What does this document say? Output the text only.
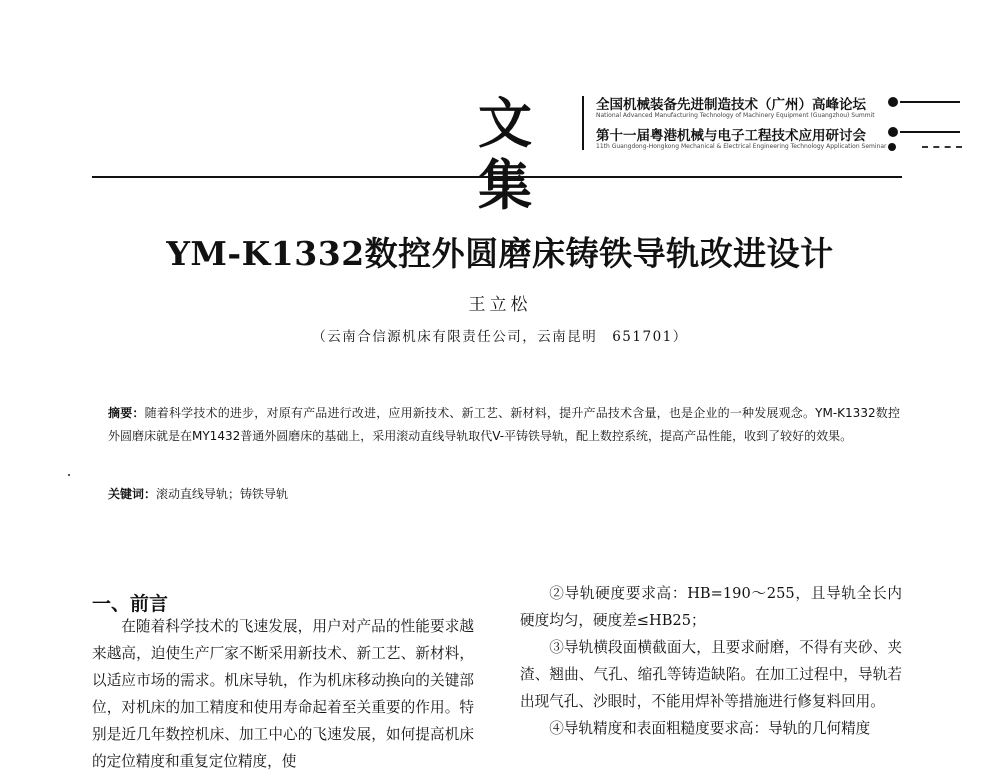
文集
全国机械装备先进制造技术（广州）高峰论坛
National Advanced Manufacturing Technology of Machinery Equipment (Guangzhou) Summit
第十一届粤港机械与电子工程技术应用研讨会
11th Guangdong-Hongkong Mechanical & Electrical Engineering Technology Application Seminar
YM-K1332数控外圆磨床铸铁导轨改进设计
王立松
（云南合信源机床有限责任公司，云南昆明　651701）
摘要：随着科学技术的进步，对原有产品进行改进，应用新技术、新工艺、新材料，提升产品技术含量，也是企业的一种发展观念。YM-K1332数控外圆磨床就是在MY1432普通外圆磨床的基础上，采用滚动直线导轨取代V-平铸铁导轨，配上数控系统，提高产品性能，收到了较好的效果。
关键词：滚动直线导轨；铸铁导轨
一、前言

在随着科学技术的飞速发展，用户对产品的性能要求越来越高，迫使生产厂家不断采用新技术、新工艺、新材料，以适应市场的需求。机床导轨，作为机床移动换向的关键部位，对机床的加工精度和使用寿命起着至关重要的作用。特别是近几年数控机床、加工中心的飞速发展，如何提高机床的定位精度和重复定位精度，使

②导轨硬度要求高：HB=190～255，且导轨全长内硬度均匀，硬度差≤HB25；

③导轨横段面横截面大，且要求耐磨，不得有夹砂、夹渣、翘曲、气孔、缩孔等铸造缺陷。在加工过程中，导轨若出现气孔、沙眼时，不能用焊补等措施进行修复料回用。

④导轨精度和表面粗糙度要求高：导轨的几何精度
